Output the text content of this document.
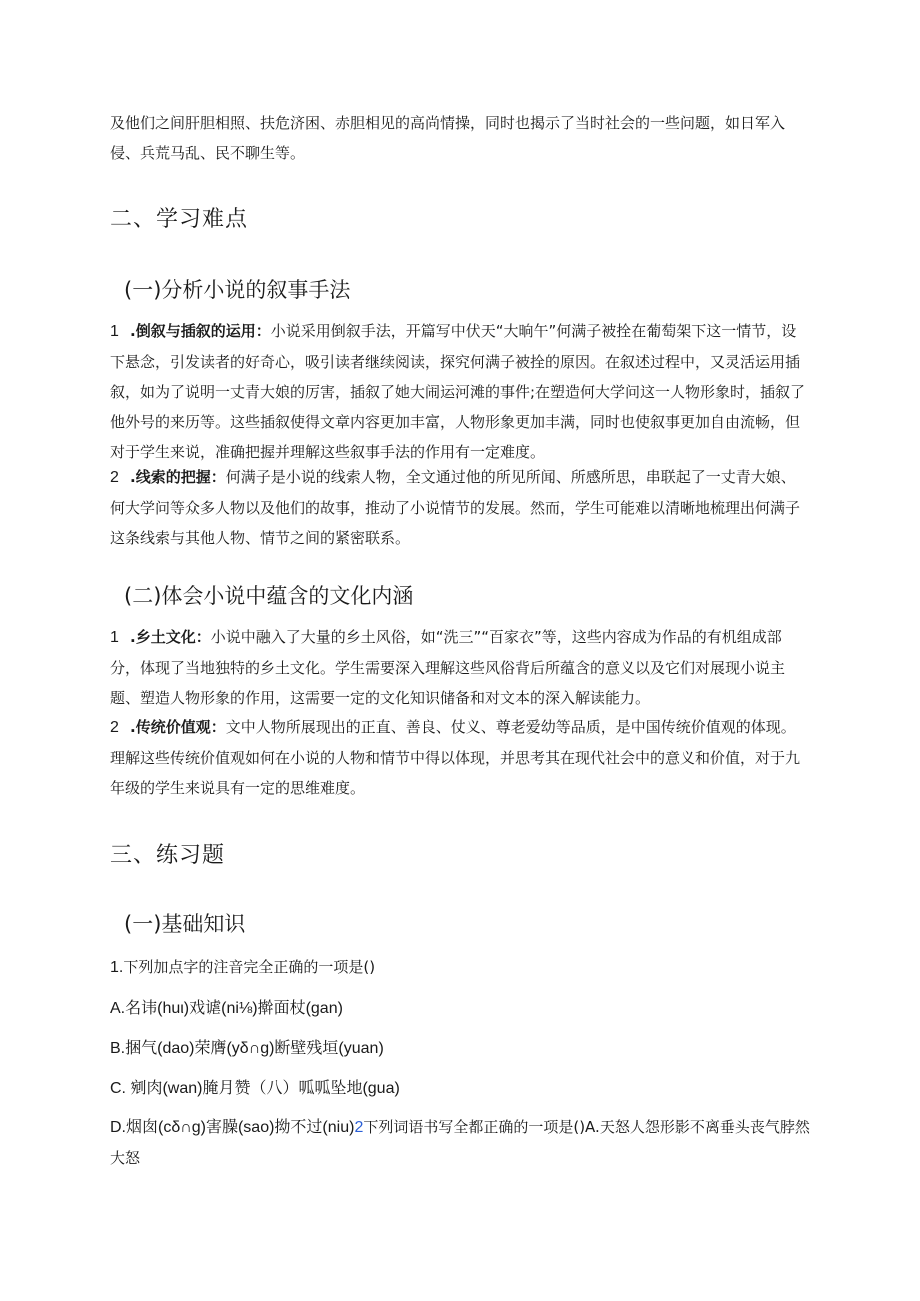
及他们之间肝胆相照、扶危济困、赤胆相见的高尚情操，同时也揭示了当时社会的一些问题，如日军入侵、兵荒马乱、民不聊生等。

二、学习难点
(一)分析小说的叙事手法
1 .倒叙与插叙的运用：小说采用倒叙手法，开篇写中伏天“大晌午”何满子被拴在葡萄架下这一情节，设下悬念，引发读者的好奇心，吸引读者继续阅读，探究何满子被拴的原因。在叙述过程中，又灵活运用插叙，如为了说明一丈青大娘的厉害，插叙了她大闹运河滩的事件;在塑造何大学问这一人物形象时，插叙了他外号的来历等。这些插叙使得文章内容更加丰富，人物形象更加丰满，同时也使叙事更加自由流畅，但对于学生来说，准确把握并理解这些叙事手法的作用有一定难度。
2 .线索的把握：何满子是小说的线索人物，全文通过他的所见所闻、所感所思，串联起了一丈青大娘、何大学问等众多人物以及他们的故事，推动了小说情节的发展。然而，学生可能难以清晰地梳理出何满子这条线索与其他人物、情节之间的紧密联系。
(二)体会小说中蕴含的文化内涵
1 .乡土文化：小说中融入了大量的乡土风俗，如“洗三”“百家衣”等，这些内容成为作品的有机组成部分，体现了当地独特的乡土文化。学生需要深入理解这些风俗背后所蕴含的意义以及它们对展现小说主题、塑造人物形象的作用，这需要一定的文化知识储备和对文本的深入解读能力。
2 .传统价值观：文中人物所展现出的正直、善良、仗义、尊老爱幼等品质，是中国传统价值观的体现。理解这些传统价值观如何在小说的人物和情节中得以体现，并思考其在现代社会中的意义和价值，对于九年级的学生来说具有一定的思维难度。
三、练习题
(一)基础知识

1.下列加点字的注音完全正确的一项是()

A.名讳(huι)戏谑(ni⅛)擀面杖(gan)

B.捆气(dao)荣膺(yδ∩g)断壁残垣(yuan)

C. 剜肉(wan)腌月赞（八）呱呱坠地(gua)

D.烟囱(cδ∩g)害臊(sao)拗不过(niu)2下列词语书写全都正确的一项是()A.天怒人怨形影不离垂头丧气脖然大怒
